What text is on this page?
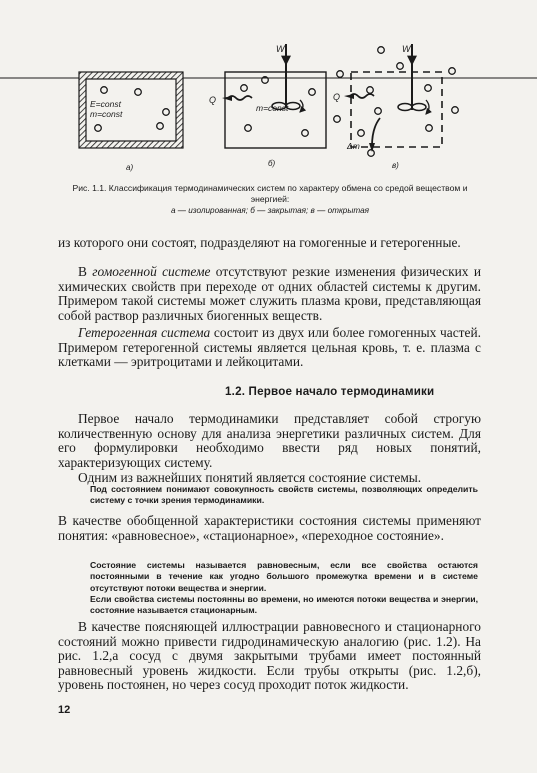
E=const
m=const
а)
W
Q
m=const
б)
W
Q
Δm
в)
Рис. 1.1. Классификация термодинамических систем по характеру обмена со средой веществом и энергией:
а — изолированная; б — закрытая; в — открытая

из которого они состоят, подразделяют на гомогенные и гетерогенные.

В гомогенной системе отсутствуют резкие изменения физических и химических свойств при переходе от одних областей системы к другим. Примером такой системы может служить плазма крови, представляющая собой раствор различных биогенных веществ.

Гетерогенная система состоит из двух или более гомогенных частей. Примером гетерогенной системы является цельная кровь, т. е. плазма с клетками — эритроцитами и лейкоцитами.

1.2. Первое начало термодинамики

Первое начало термодинамики представляет собой строгую количественную основу для анализа энергетики различных систем. Для его формулировки необходимо ввести ряд новых понятий, характеризующих систему.

Одним из важнейших понятий является состояние системы.

Под состоянием понимают совокупность свойств системы, позволяющих определить систему с точки зрения термодинамики.

В качестве обобщенной характеристики состояния системы применяют понятия: «равновесное», «стационарное», «переходное состояние».

Состояние системы называется равновесным, если все свойства остаются постоянными в течение как угодно большого промежутка времени и в системе отсутствуют потоки вещества и энергии.

Если свойства системы постоянны во времени, но имеются потоки вещества и энергии, состояние называется стационарным.

В качестве поясняющей иллюстрации равновесного и стационарного состояний можно привести гидродинамическую аналогию (рис. 1.2). На рис. 1.2,а сосуд с двумя закрытыми трубами имеет постоянный равновесный уровень жидкости. Если трубы открыты (рис. 1.2,б), уровень постоянен, но через сосуд проходит поток жидкости.

12
